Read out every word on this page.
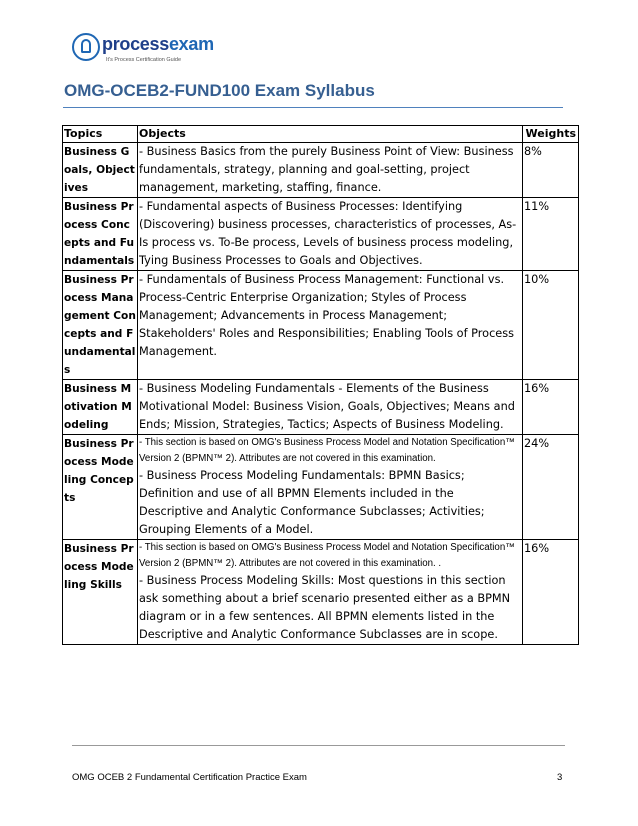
processexam
It's Process Certification Guide
OMG-OCEB2-FUND100 Exam Syllabus
Topics	Objects	Weights
Business Goals, Objectives	- Business Basics from the purely Business Point of View: Business fundamentals, strategy, planning and goal-setting, project management, marketing, staffing, finance.	8%
Business Process Concepts and Fundamentals	- Fundamental aspects of Business Processes: Identifying (Discovering) business processes, characteristics of processes, As-Is process vs. To-Be process, Levels of business process modeling, Tying Business Processes to Goals and Objectives.	11%
Business Process Management Concepts and Fundamentals	- Fundamentals of Business Process Management: Functional vs. Process-Centric Enterprise Organization; Styles of Process Management; Advancements in Process Management; Stakeholders' Roles and Responsibilities; Enabling Tools of Process Management.	10%
Business Motivation Modeling	- Business Modeling Fundamentals - Elements of the Business Motivational Model: Business Vision, Goals, Objectives; Means and Ends; Mission, Strategies, Tactics; Aspects of Business Modeling.	16%
Business Process Modeling Concepts	- This section is based on OMG's Business Process Model and Notation Specification™ Version 2 (BPMN™ 2). Attributes are not covered in this examination.
- Business Process Modeling Fundamentals: BPMN Basics; Definition and use of all BPMN Elements included in the Descriptive and Analytic Conformance Subclasses; Activities; Grouping Elements of a Model.	24%
Business Process Modeling Skills	- This section is based on OMG's Business Process Model and Notation Specification™ Version 2 (BPMN™ 2). Attributes are not covered in this examination. .
- Business Process Modeling Skills: Most questions in this section ask something about a brief scenario presented either as a BPMN diagram or in a few sentences. All BPMN elements listed in the Descriptive and Analytic Conformance Subclasses are in scope.	16%
OMG OCEB 2 Fundamental Certification Practice Exam	3
